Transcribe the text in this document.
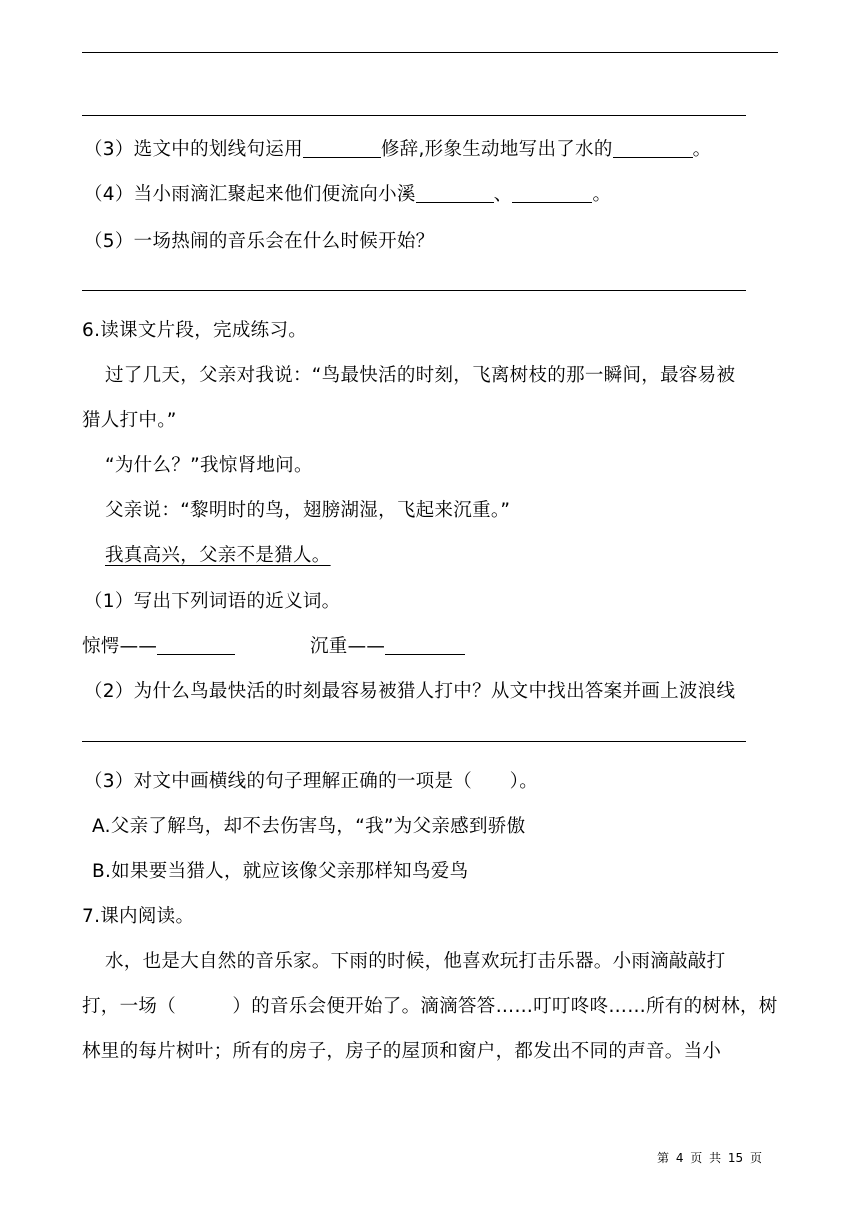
（3）选文中的划线句运用	修辞,形象生动地写出了水的	。
（4）当小雨滴汇聚起来他们便流向小溪	、	。
（5）一场热闹的音乐会在什么时候开始？
6.读课文片段，完成练习。
过了几天，父亲对我说：“鸟最快活的时刻，飞离树枝的那一瞬间，最容易被
猎人打中。”
“为什么？”我惊肾地问。
父亲说：“黎明时的鸟，翅膀湖湿，飞起来沉重。”
我真高兴，父亲不是猎人。
（1）写出下列词语的近义词。
惊愕——	沉重——
（2）为什么鸟最快活的时刻最容易被猎人打中？从文中找出答案并画上波浪线
（3）对文中画横线的句子理解正确的一项是（　　）。
A.父亲了解鸟，却不去伤害鸟，“我”为父亲感到骄傲
B.如果要当猎人，就应该像父亲那样知鸟爱鸟
7.课内阅读。
水，也是大自然的音乐家。下雨的时候，他喜欢玩打击乐器。小雨滴敲敲打
打，一场（　　　）的音乐会便开始了。滴滴答答……叮叮咚咚……所有的树林，树
林里的每片树叶；所有的房子，房子的屋顶和窗户，都发出不同的声音。当小
第 4 页 共 15 页
